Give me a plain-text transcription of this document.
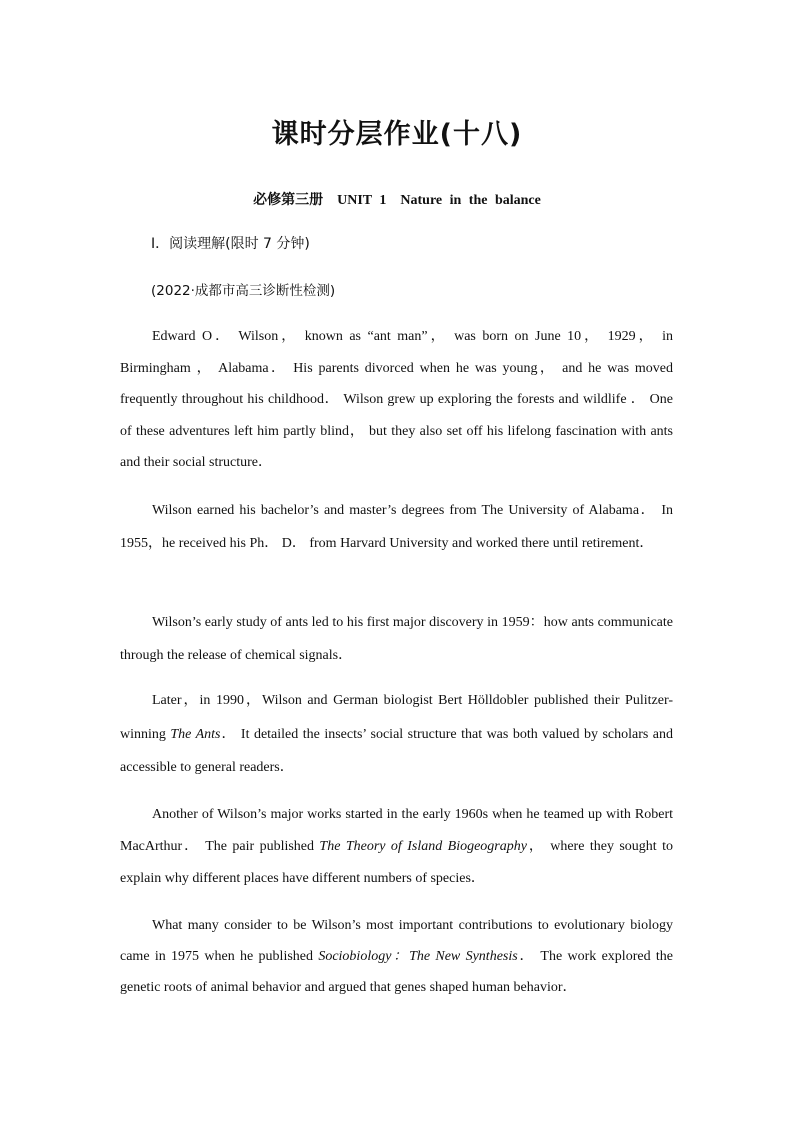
课时分层作业(十八)
必修第三册　UNIT 1　Nature in the balance
Ⅰ．阅读理解(限时 7 分钟)
(2022·成都市高三诊断性检测)
Edward O． Wilson， known as “ant man”， was born on June 10， 1929， in Birmingham ， Alabama． His parents divorced when he was young， and he was moved frequently throughout his childhood． Wilson grew up exploring the forests and wildlife ． One of these adventures left him partly blind， but they also set off his lifelong fascination with ants and their social structure．
Wilson earned his bachelor’s and master’s degrees from The University of Alabama． In 1955，he received his Ph． D． from Harvard University and worked there until retirement．
Wilson’s early study of ants led to his first major discovery in 1959：how ants communicate through the release of chemical signals．
Later，in 1990，Wilson and German biologist Bert Hölldobler published their Pulitzer-winning The Ants． It detailed the insects’ social structure that was both valued by scholars and accessible to general readers．
Another of Wilson’s major works started in the early 1960s when he teamed up with Robert MacArthur． The pair published The Theory of Island Biogeography， where they sought to explain why different places have different numbers of species．
What many consider to be Wilson’s most important contributions to evolutionary biology came in 1975 when he published Sociobiology：The New Synthesis． The work explored the genetic roots of animal behavior and argued that genes shaped human behavior．
